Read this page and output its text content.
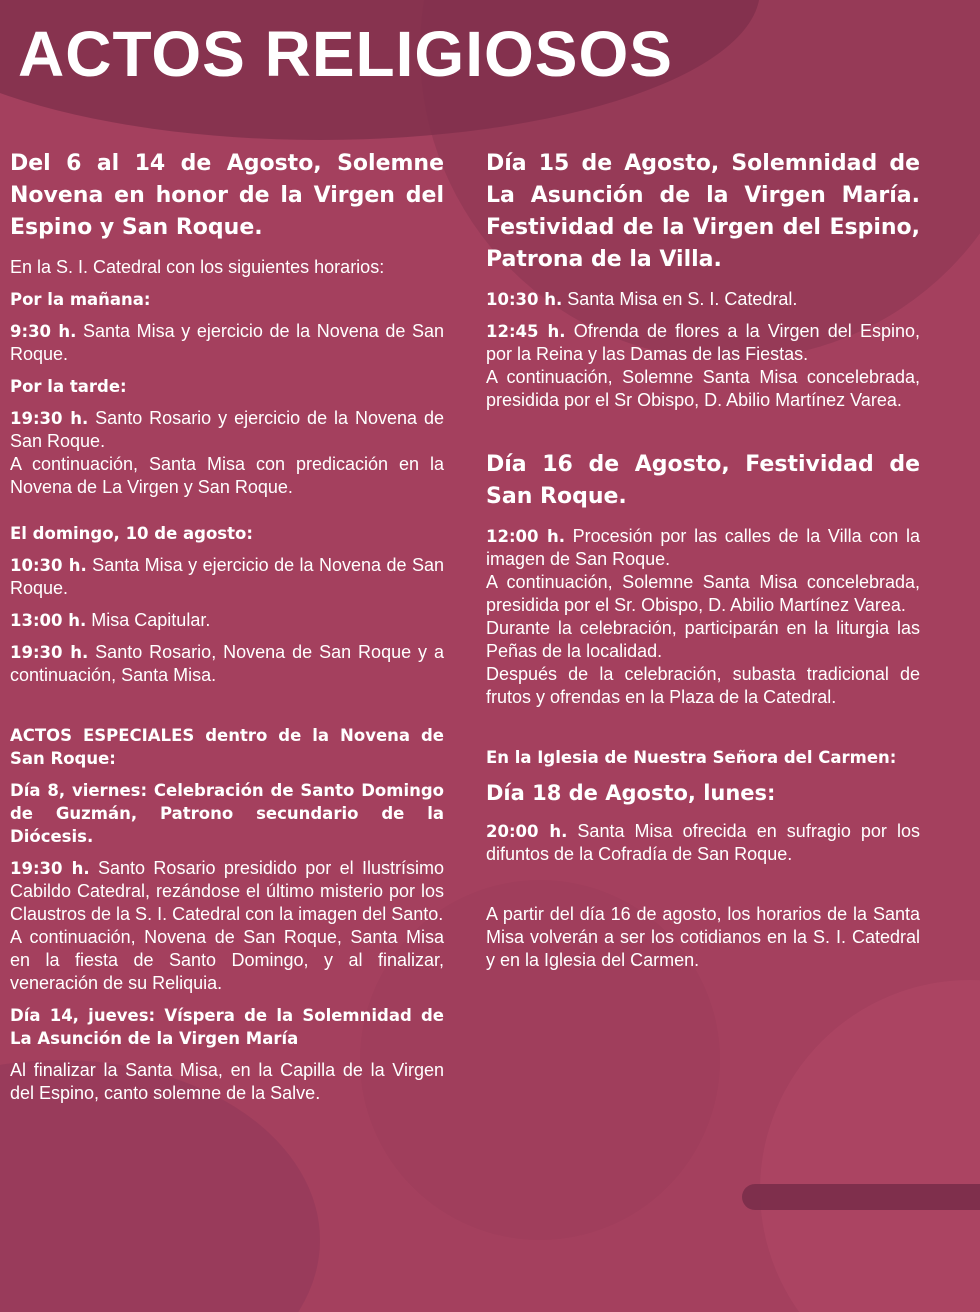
ACTOS RELIGIOSOS

Del 6 al 14 de Agosto, Solemne Novena en honor de la Virgen del Espino y San Roque.

En la S. I. Catedral con los siguientes horarios:

Por la mañana:

9:30 h. Santa Misa y ejercicio de la Novena de San Roque.

Por la tarde:

19:30 h. Santo Rosario y ejercicio de la Novena de San Roque.
A continuación, Santa Misa con predicación en la Novena de La Virgen y San Roque.

El domingo, 10 de agosto:

10:30 h. Santa Misa y ejercicio de la Novena de San Roque.

13:00 h. Misa Capitular.

19:30 h. Santo Rosario, Novena de San Roque y a continuación, Santa Misa.

ACTOS ESPECIALES dentro de la Novena de San Roque:

Día 8, viernes: Celebración de Santo Domingo de Guzmán, Patrono secundario de la Diócesis.

19:30 h. Santo Rosario presidido por el Ilustrísimo Cabildo Catedral, rezándose el último misterio por los Claustros de la S. I. Catedral con la imagen del Santo.
A continuación, Novena de San Roque, Santa Misa en la fiesta de Santo Domingo, y al finalizar, veneración de su Reliquia.

Día 14, jueves: Víspera de la Solemnidad de La Asunción de la Virgen María

Al finalizar la Santa Misa, en la Capilla de la Virgen del Espino, canto solemne de la Salve.

Día 15 de Agosto, Solemnidad de La Asunción de la Virgen María. Festividad de la Virgen del Espino, Patrona de la Villa.

10:30 h. Santa Misa en S. I. Catedral.

12:45 h. Ofrenda de flores a la Virgen del Espino, por la Reina y las Damas de las Fiestas.
A continuación, Solemne Santa Misa concelebrada, presidida por el Sr Obispo, D. Abilio Martínez Varea.

Día 16 de Agosto, Festividad de San Roque.

12:00 h. Procesión por las calles de la Villa con la imagen de San Roque.
A continuación, Solemne Santa Misa concelebrada, presidida por el Sr. Obispo, D. Abilio Martínez Varea.
Durante la celebración, participarán en la liturgia las Peñas de la localidad.
Después de la celebración, subasta tradicional de frutos y ofrendas en la Plaza de la Catedral.

En la Iglesia de Nuestra Señora del Carmen:

Día 18 de Agosto, lunes:

20:00 h. Santa Misa ofrecida en sufragio por los difuntos de la Cofradía de San Roque.

A partir del día 16 de agosto, los horarios de la Santa Misa volverán a ser los cotidianos en la S. I. Catedral y en la Iglesia del Carmen.
